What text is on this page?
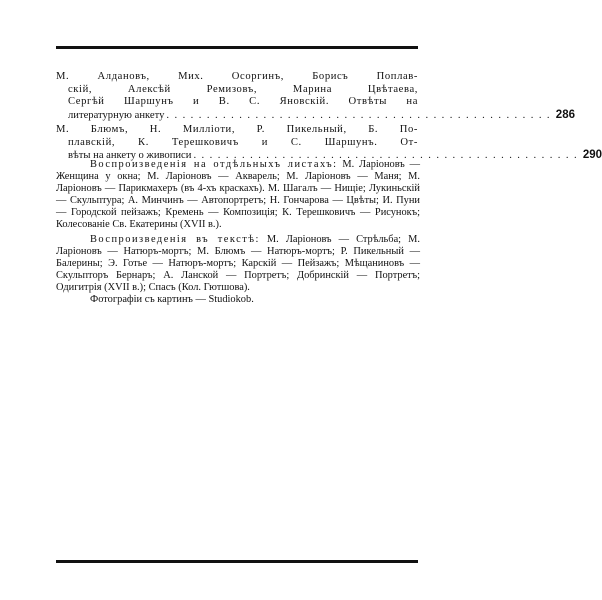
М. Алдановъ, Мих. Осоргинъ, Борисъ Поплав-
скій, Алексѣй Ремизовъ, Марина Цвѣтаева,
Сергѣй Шаршунъ и В. С. Яновскій. Отвѣты на
литературную анкету . . . . . . . . . . . . . . . . . . . . . . . . . . . . . . . . . . . . . . . . . . . . . . . . 286
М. Блюмъ, Н. Миллioти, Р. Пикельный, Б. По-
плавскій, К. Терешковичъ и С. Шаршунъ. От-
вѣты на анкету о живописи . . . . . . . . . . . . . . . . . . . . . . . . . . . . . . . . . . . . . . . . . . . . . . . . 290

Воспроизведенія на отдѣльныхъ листахъ: М. Ларіоновъ — Женщина у окна; М. Ларіоновъ — Акварель; М. Ларіоновъ — Маня; М. Ларіоновъ — Парикмахеръ (въ 4-хъ краскахъ). М. Шагалъ — Нищіе; Лукиньскій — Скульптура; А. Минчинъ — Автопортретъ; Н. Гончарова — Цвѣты; И. Пуни — Городской пейзажъ; Кремень — Композиція; К. Терешковичъ — Рисунокъ; Колесованіе Св. Екатерины (XVII в.).

Воспроизведенія въ текстѣ: М. Ларіоновъ — Стрѣльба; М. Ларіоновъ — Натюръ-мортъ; М. Блюмъ — Натюръ-мортъ; Р. Пикельный — Балерины; Э. Готье — Натюръ-мортъ; Карскій — Пейзажъ; Мѣщаниновъ — Скульпторъ Бернаръ; А. Ланской — Портретъ; Добринскій — Портретъ; Одигитрія (XVII в.); Спасъ (Кол. Гютшова).

Фотографіи съ картинъ — Studiokob.
